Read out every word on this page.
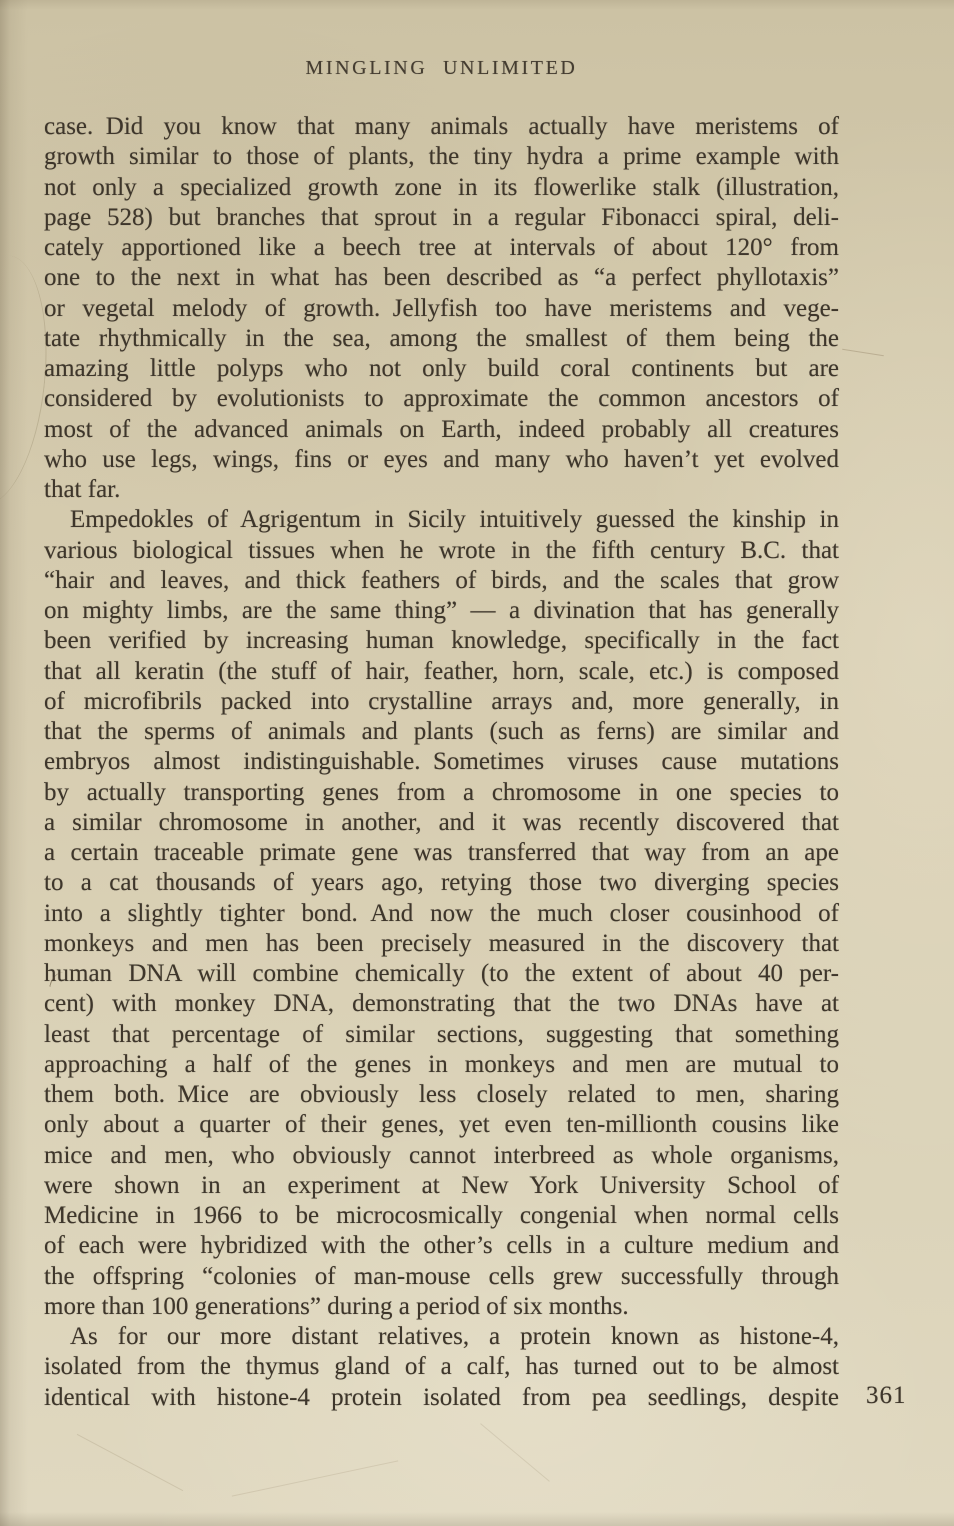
MINGLING UNLIMITED
case. Did you know that many animals actually have meristems of
growth similar to those of plants, the tiny hydra a prime example with
not only a specialized growth zone in its flowerlike stalk (illustration,
page 528) but branches that sprout in a regular Fibonacci spiral, deli-
cately apportioned like a beech tree at intervals of about 120° from
one to the next in what has been described as “a perfect phyllotaxis”
or vegetal melody of growth. Jellyfish too have meristems and vege-
tate rhythmically in the sea, among the smallest of them being the
amazing little polyps who not only build coral continents but are
considered by evolutionists to approximate the common ancestors of
most of the advanced animals on Earth, indeed probably all creatures
who use legs, wings, fins or eyes and many who haven’t yet evolved
that far.
Empedokles of Agrigentum in Sicily intuitively guessed the kinship in
various biological tissues when he wrote in the fifth century B.C. that
“hair and leaves, and thick feathers of birds, and the scales that grow
on mighty limbs, are the same thing” — a divination that has generally
been verified by increasing human knowledge, specifically in the fact
that all keratin (the stuff of hair, feather, horn, scale, etc.) is composed
of microfibrils packed into crystalline arrays and, more generally, in
that the sperms of animals and plants (such as ferns) are similar and
embryos almost indistinguishable. Sometimes viruses cause mutations
by actually transporting genes from a chromosome in one species to
a similar chromosome in another, and it was recently discovered that
a certain traceable primate gene was transferred that way from an ape
to a cat thousands of years ago, retying those two diverging species
into a slightly tighter bond. And now the much closer cousinhood of
monkeys and men has been precisely measured in the discovery that
human DNA will combine chemically (to the extent of about 40 per-
cent) with monkey DNA, demonstrating that the two DNAs have at
least that percentage of similar sections, suggesting that something
approaching a half of the genes in monkeys and men are mutual to
them both. Mice are obviously less closely related to men, sharing
only about a quarter of their genes, yet even ten-millionth cousins like
mice and men, who obviously cannot interbreed as whole organisms,
were shown in an experiment at New York University School of
Medicine in 1966 to be microcosmically congenial when normal cells
of each were hybridized with the other’s cells in a culture medium and
the offspring “colonies of man-mouse cells grew successfully through
more than 100 generations” during a period of six months.
As for our more distant relatives, a protein known as histone-4,
isolated from the thymus gland of a calf, has turned out to be almost
identical with histone-4 protein isolated from pea seedlings, despite 361
